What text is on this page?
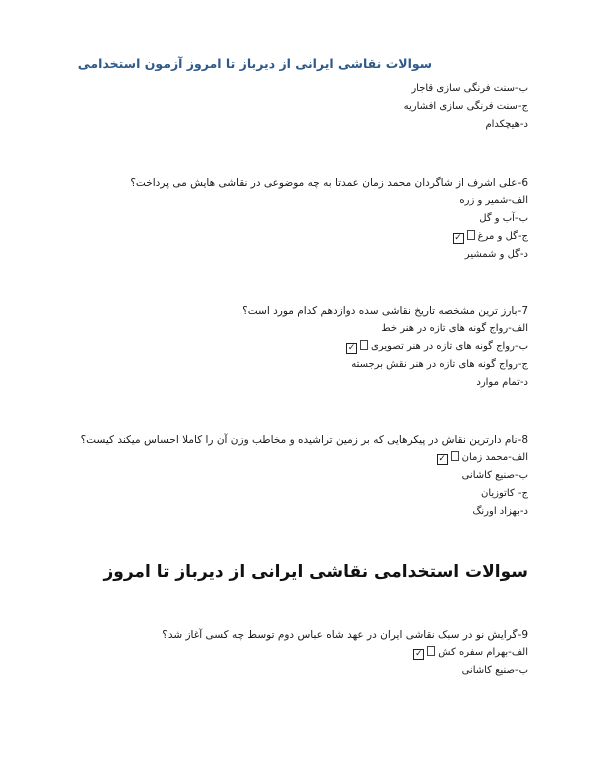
سوالات نقاشی ایرانی از دیرباز تا امروز آزمون استخدامی
ب-سنت فرنگی سازی قاجار
ج-سنت فرنگی سازی افشاریه
د-هیچکدام
6-علی اشرف از شاگردان محمد زمان عمدتا به چه موضوعی در نقاشی هایش می پرداخت؟
الف-شمیر و زره
ب-آب و گل
ج-گل و مرغ✓
د-گل و شمشیر
7-بارز ترین مشخصه تاریخ نقاشی سده دوازدهم کدام مورد است؟
الف-رواج گونه های تازه در هنر خط
ب-رواج گونه های تازه در هنر تصویری✓
ج-رواج گونه های تازه در هنر نقش برجسته
د-تمام موارد
8-نام دارترین نقاش در پیکرهایی که بر زمین تراشیده و مخاطب وزن آن را کاملا احساس میکند کیست؟
الف-محمد زمان✓
ب-صنیع کاشانی
ج- کاتوزیان
د-بهزاد اورنگ
سوالات استخدامی نقاشی ایرانی از دیرباز تا امروز
9-گرایش نو در سبک نقاشی ایران در عهد شاه عباس دوم توسط چه کسی آغاز شد؟
الف-بهرام سفره کش✓
ب-صنیع کاشانی
